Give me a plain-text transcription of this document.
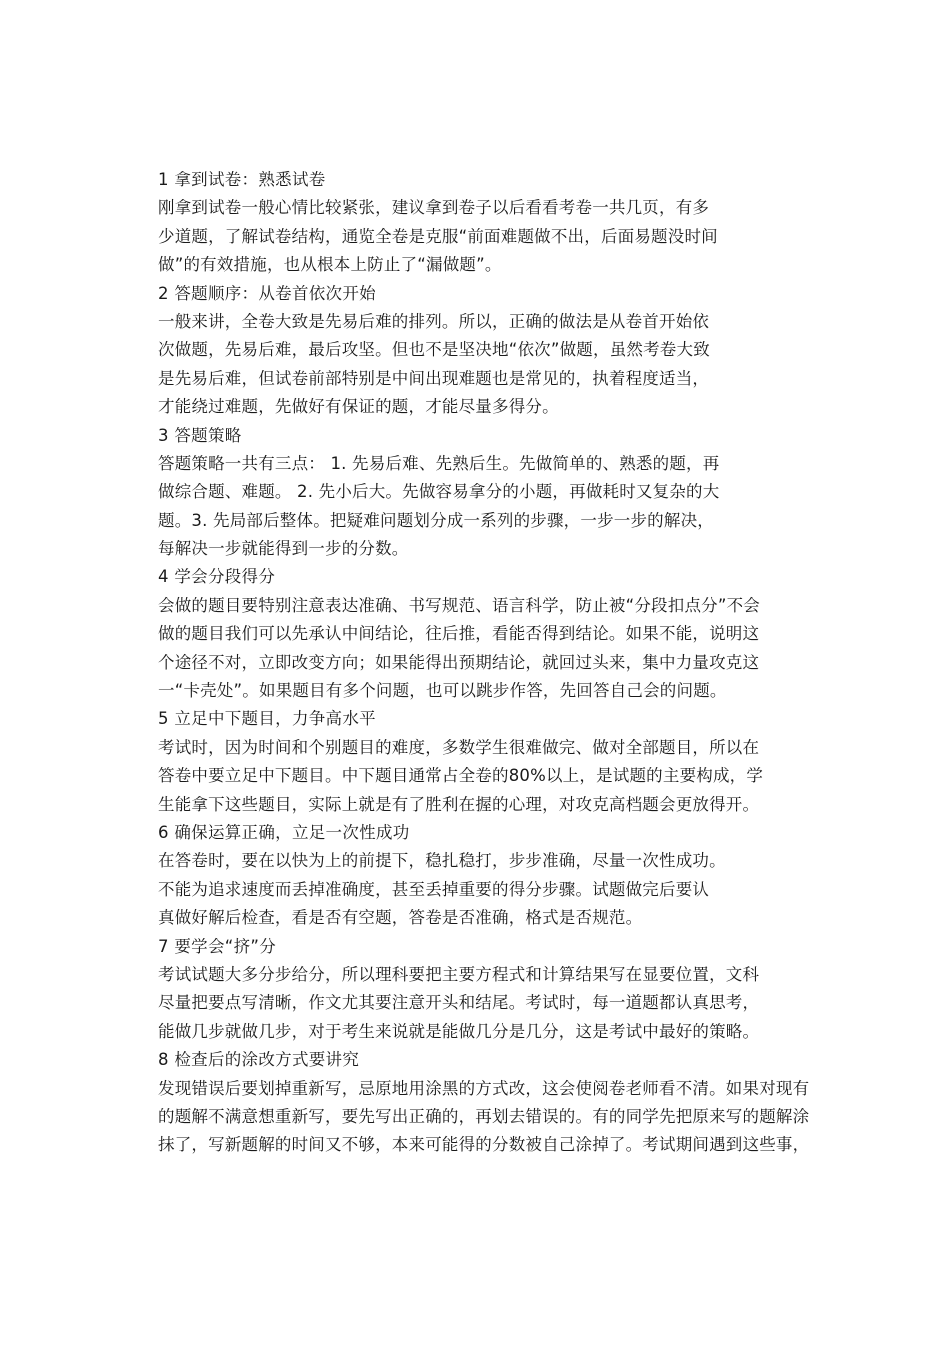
1 拿到试卷：熟悉试卷
刚拿到试卷一般心情比较紧张，建议拿到卷子以后看看考卷一共几页，有多
少道题，了解试卷结构，通览全卷是克服“前面难题做不出，后面易题没时间
做”的有效措施，也从根本上防止了“漏做题”。
2 答题顺序：从卷首依次开始
一般来讲，全卷大致是先易后难的排列。所以，正确的做法是从卷首开始依
次做题，先易后难，最后攻坚。但也不是坚决地“依次”做题，虽然考卷大致
是先易后难，但试卷前部特别是中间出现难题也是常见的，执着程度适当，
才能绕过难题，先做好有保证的题，才能尽量多得分。
3 答题策略
答题策略一共有三点： 1. 先易后难、先熟后生。先做简单的、熟悉的题，再
做综合题、难题。 2. 先小后大。先做容易拿分的小题，再做耗时又复杂的大
题。3. 先局部后整体。把疑难问题划分成一系列的步骤，一步一步的解决，
每解决一步就能得到一步的分数。
4 学会分段得分
会做的题目要特别注意表达准确、书写规范、语言科学，防止被“分段扣点分”不会
做的题目我们可以先承认中间结论，往后推，看能否得到结论。如果不能，说明这
个途径不对，立即改变方向；如果能得出预期结论，就回过头来，集中力量攻克这
一“卡壳处”。如果题目有多个问题，也可以跳步作答，先回答自己会的问题。
5 立足中下题目，力争高水平
考试时，因为时间和个别题目的难度，多数学生很难做完、做对全部题目，所以在
答卷中要立足中下题目。中下题目通常占全卷的80%以上，是试题的主要构成，学
生能拿下这些题目，实际上就是有了胜利在握的心理，对攻克高档题会更放得开。
6 确保运算正确，立足一次性成功
在答卷时，要在以快为上的前提下，稳扎稳打，步步准确，尽量一次性成功。
不能为追求速度而丢掉准确度，甚至丢掉重要的得分步骤。试题做完后要认
真做好解后检查，看是否有空题，答卷是否准确，格式是否规范。
7 要学会“挤”分
考试试题大多分步给分，所以理科要把主要方程式和计算结果写在显要位置，文科
尽量把要点写清晰，作文尤其要注意开头和结尾。考试时，每一道题都认真思考，
能做几步就做几步，对于考生来说就是能做几分是几分，这是考试中最好的策略。
8 检查后的涂改方式要讲究
发现错误后要划掉重新写，忌原地用涂黑的方式改，这会使阅卷老师看不清。如果对现有
的题解不满意想重新写，要先写出正确的，再划去错误的。有的同学先把原来写的题解涂
抹了，写新题解的时间又不够，本来可能得的分数被自己涂掉了。考试期间遇到这些事，
